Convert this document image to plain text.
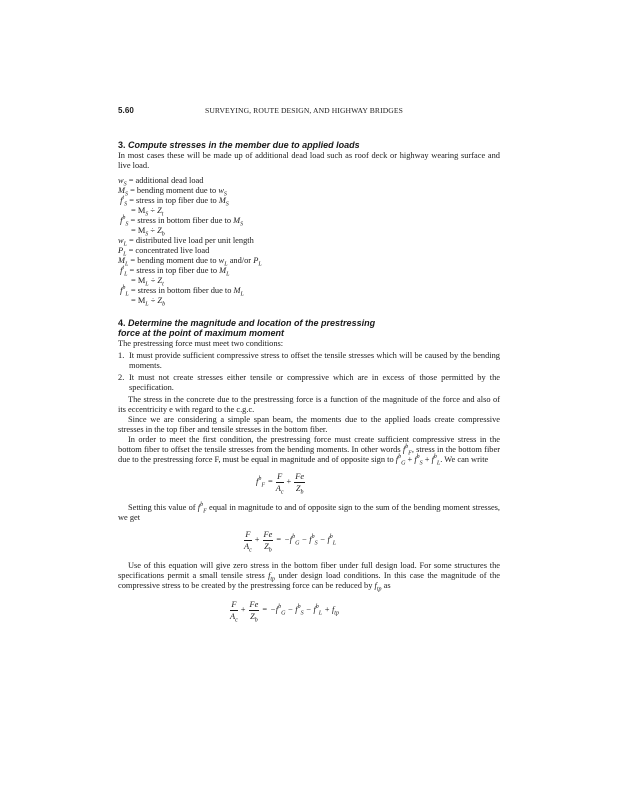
5.60	SURVEYING, ROUTE DESIGN, AND HIGHWAY BRIDGES
3. Compute stresses in the member due to applied loads

In most cases these will be made up of additional dead load such as roof deck or highway wearing surface and live load.

$w_S$ = additional dead load
$M_S$ = bending moment due to $w_S$
$f^t_S$ = stress in top fiber due to $M_S$
= $M_S \div Z_t$
$f^b_S$ = stress in bottom fiber due to $M_S$
= $M_S \div Z_b$
$w_L$ = distributed live load per unit length
$P_L$ = concentrated live load
$M_L$ = bending moment due to $w_L$ and/or $P_L$
$f^t_L$ = stress in top fiber due to $M_L$
= $M_L \div Z_t$
$f^b_L$ = stress in bottom fiber due to $M_L$
= $M_L \div Z_b$
4. Determine the magnitude and location of the prestressing
force at the point of maximum moment

The prestressing force must meet two conditions:

1. It must provide sufficient compressive stress to offset the tensile stresses which will be caused by the bending moments.
2. It must not create stresses either tensile or compressive which are in excess of those permitted by the specification.

The stress in the concrete due to the prestressing force is a function of the magnitude of the force and also of its eccentricity e with regard to the c.g.c.

Since we are considering a simple span beam, the moments due to the applied loads create compressive stresses in the top fiber and tensile stresses in the bottom fiber.

In order to meet the first condition, the prestressing force must create sufficient compressive stress in the bottom fiber to offset the tensile stresses from the bending moments. In other words $f^b_F$, stress in the bottom fiber due to the prestressing force F, must be equal in magnitude and of opposite sign to $f^b_G + f^b_S + f^b_L$. We can write

$f^b_F = \frac{F}{A_c} + \frac{Fe}{Z_b}$

Setting this value of $f^b_F$ equal in magnitude to and of opposite sign to the sum of the bending moment stresses, we get

$\frac{F}{A_c} + \frac{Fe}{Z_b} = -f^b_G - f^b_S - f^b_L$

Use of this equation will give zero stress in the bottom fiber under full design load. For some structures the specifications permit a small tensile stress $f_{tp}$ under design load conditions. In this case the magnitude of the compressive stress to be created by the prestressing force can be reduced by $f_{tp}$ as

$\frac{F}{A_c} + \frac{Fe}{Z_b} = -f^b_G - f^b_S - f^b_L + f_{tp}$
